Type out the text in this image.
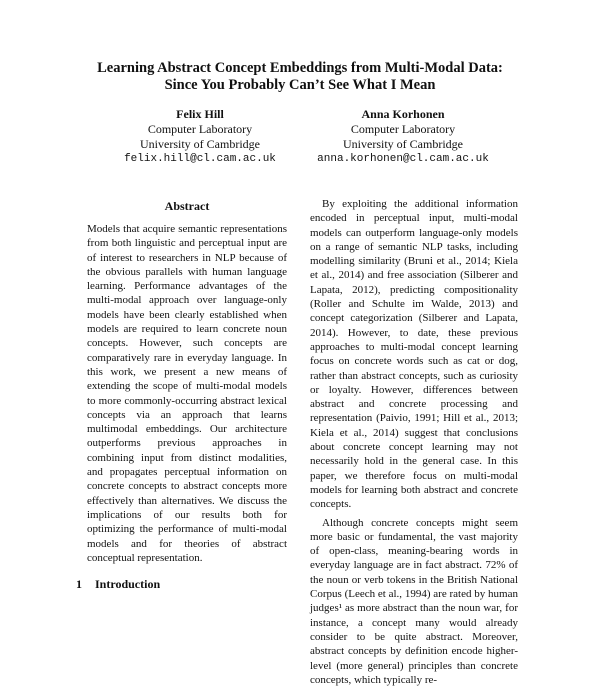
Learning Abstract Concept Embeddings from Multi-Modal Data:
Since You Probably Can’t See What I Mean
Felix Hill
Computer Laboratory
University of Cambridge
felix.hill@cl.cam.ac.uk
Anna Korhonen
Computer Laboratory
University of Cambridge
anna.korhonen@cl.cam.ac.uk
Abstract
Models that acquire semantic representations from both linguistic and perceptual input are of interest to researchers in NLP because of the obvious parallels with human language learning. Performance advantages of the multi-modal approach over language-only models have been clearly established when models are required to learn concrete noun concepts. However, such concepts are comparatively rare in everyday language. In this work, we present a new means of extending the scope of multi-modal models to more commonly-occurring abstract lexical concepts via an approach that learns multimodal embeddings. Our architecture outperforms previous approaches in combining input from distinct modalities, and propagates perceptual information on concrete concepts to abstract concepts more effectively than alternatives. We discuss the implications of our results both for optimizing the performance of multi-modal models and for theories of abstract conceptual representation.
1 Introduction

By exploiting the additional information encoded in perceptual input, multi-modal models can outperform language-only models on a range of semantic NLP tasks, including modelling similarity (Bruni et al., 2014; Kiela et al., 2014) and free association (Silberer and Lapata, 2012), predicting compositionality (Roller and Schulte im Walde, 2013) and concept categorization (Silberer and Lapata, 2014). However, to date, these previous approaches to multi-modal concept learning focus on concrete words such as cat or dog, rather than abstract concepts, such as curiosity or loyalty. However, differences between abstract and concrete processing and representation (Paivio, 1991; Hill et al., 2013; Kiela et al., 2014) suggest that conclusions about concrete concept learning may not necessarily hold in the general case. In this paper, we therefore focus on multi-modal models for learning both abstract and concrete concepts.

Although concrete concepts might seem more basic or fundamental, the vast majority of open-class, meaning-bearing words in everyday language are in fact abstract. 72% of the noun or verb tokens in the British National Corpus (Leech et al., 1994) are rated by human judges¹ as more abstract than the noun war, for instance, a concept many would already consider to be quite abstract. Moreover, abstract concepts by definition encode higher-level (more general) principles than concrete concepts, which typically re-
